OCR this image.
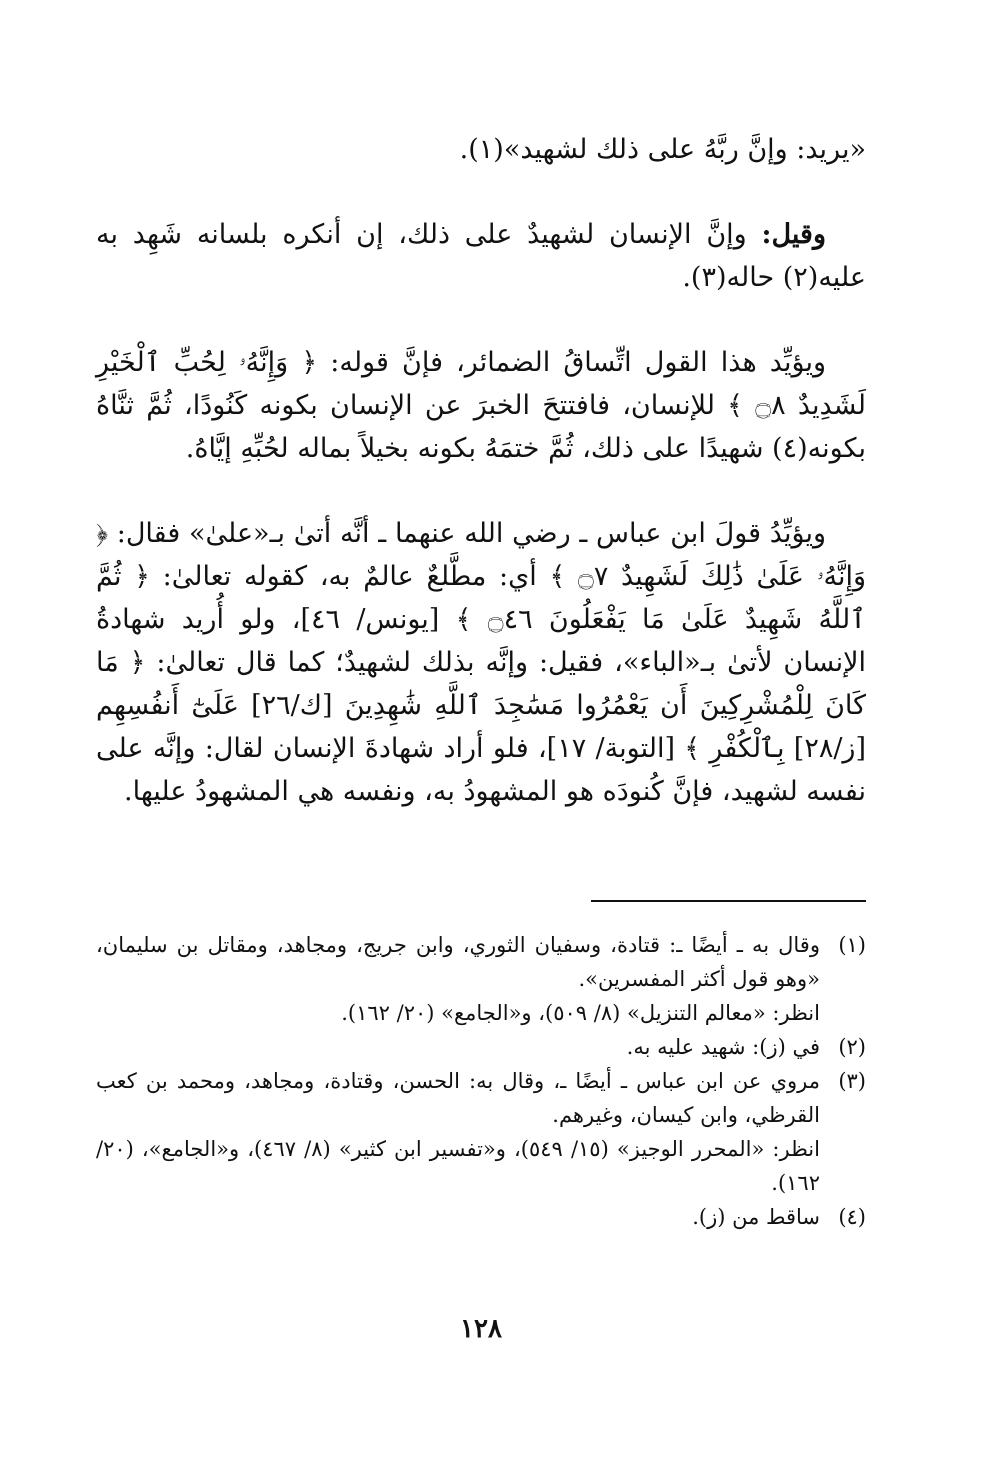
«يريد: وإنَّ ربَّهُ على ذلك لشهيد»(١).

وقيل: وإنَّ الإنسان لشهيدٌ على ذلك، إن أنكره بلسانه شَهِد به عليه(٢) حاله(٣).

ويؤيِّد هذا القول اتِّساقُ الضمائر، فإنَّ قوله: ﴿ وَإِنَّهُۥ لِحُبِّ ٱلْخَيْرِ لَشَدِيدٌ ۝٨ ﴾ للإنسان، فافتتحَ الخبرَ عن الإنسان بكونه كَنُودًا، ثُمَّ ثنَّاهُ بكونه(٤) شهيدًا على ذلك، ثُمَّ ختمَهُ بكونه بخيلاً بماله لحُبِّهِ إيَّاهُ.

ويؤيِّدُ قولَ ابن عباس ـ رضي الله عنهما ـ أنَّه أتىٰ بـ«علىٰ» فقال: ﴿ وَإِنَّهُۥ عَلَىٰ ذَٰلِكَ لَشَهِيدٌ ۝٧ ﴾ أي: مطَّلعٌ عالمٌ به، كقوله تعالىٰ: ﴿ ثُمَّ ٱللَّهُ شَهِيدٌ عَلَىٰ مَا يَفْعَلُونَ ۝٤٦ ﴾ [يونس/ ٤٦]، ولو أُريد شهادةُ الإنسان لأتىٰ بـ«الباء»، فقيل: وإنَّه بذلك لشهيدٌ؛ كما قال تعالىٰ: ﴿ مَا كَانَ لِلْمُشْرِكِينَ أَن يَعْمُرُوا مَسَٰجِدَ ٱللَّهِ شَٰهِدِينَ [ك/٢٦] عَلَىٰٓ أَنفُسِهِم [ز/٢٨] بِٱلْكُفْرِ ﴾ [التوبة/ ١٧]، فلو أراد شهادةَ الإنسان لقال: وإنَّه على نفسه لشهيد، فإنَّ كُنودَه هو المشهودُ به، ونفسه هي المشهودُ عليها.

(١)
وقال به ـ أيضًا ـ: قتادة، وسفيان الثوري، وابن جريج، ومجاهد، ومقاتل بن سليمان، «وهو قول أكثر المفسرين».
انظر: «معالم التنزيل» (٨/ ٥٠٩)، و«الجامع» (٢٠/ ١٦٢).
(٢)
في (ز): شهيد عليه به.
(٣)
مروي عن ابن عباس ـ أيضًا ـ، وقال به: الحسن، وقتادة، ومجاهد، ومحمد بن كعب القرظي، وابن كيسان، وغيرهم.
انظر: «المحرر الوجيز» (١٥/ ٥٤٩)، و«تفسير ابن كثير» (٨/ ٤٦٧)، و«الجامع»، (٢٠/ ١٦٢).
(٤)
ساقط من (ز).
١٢٨
